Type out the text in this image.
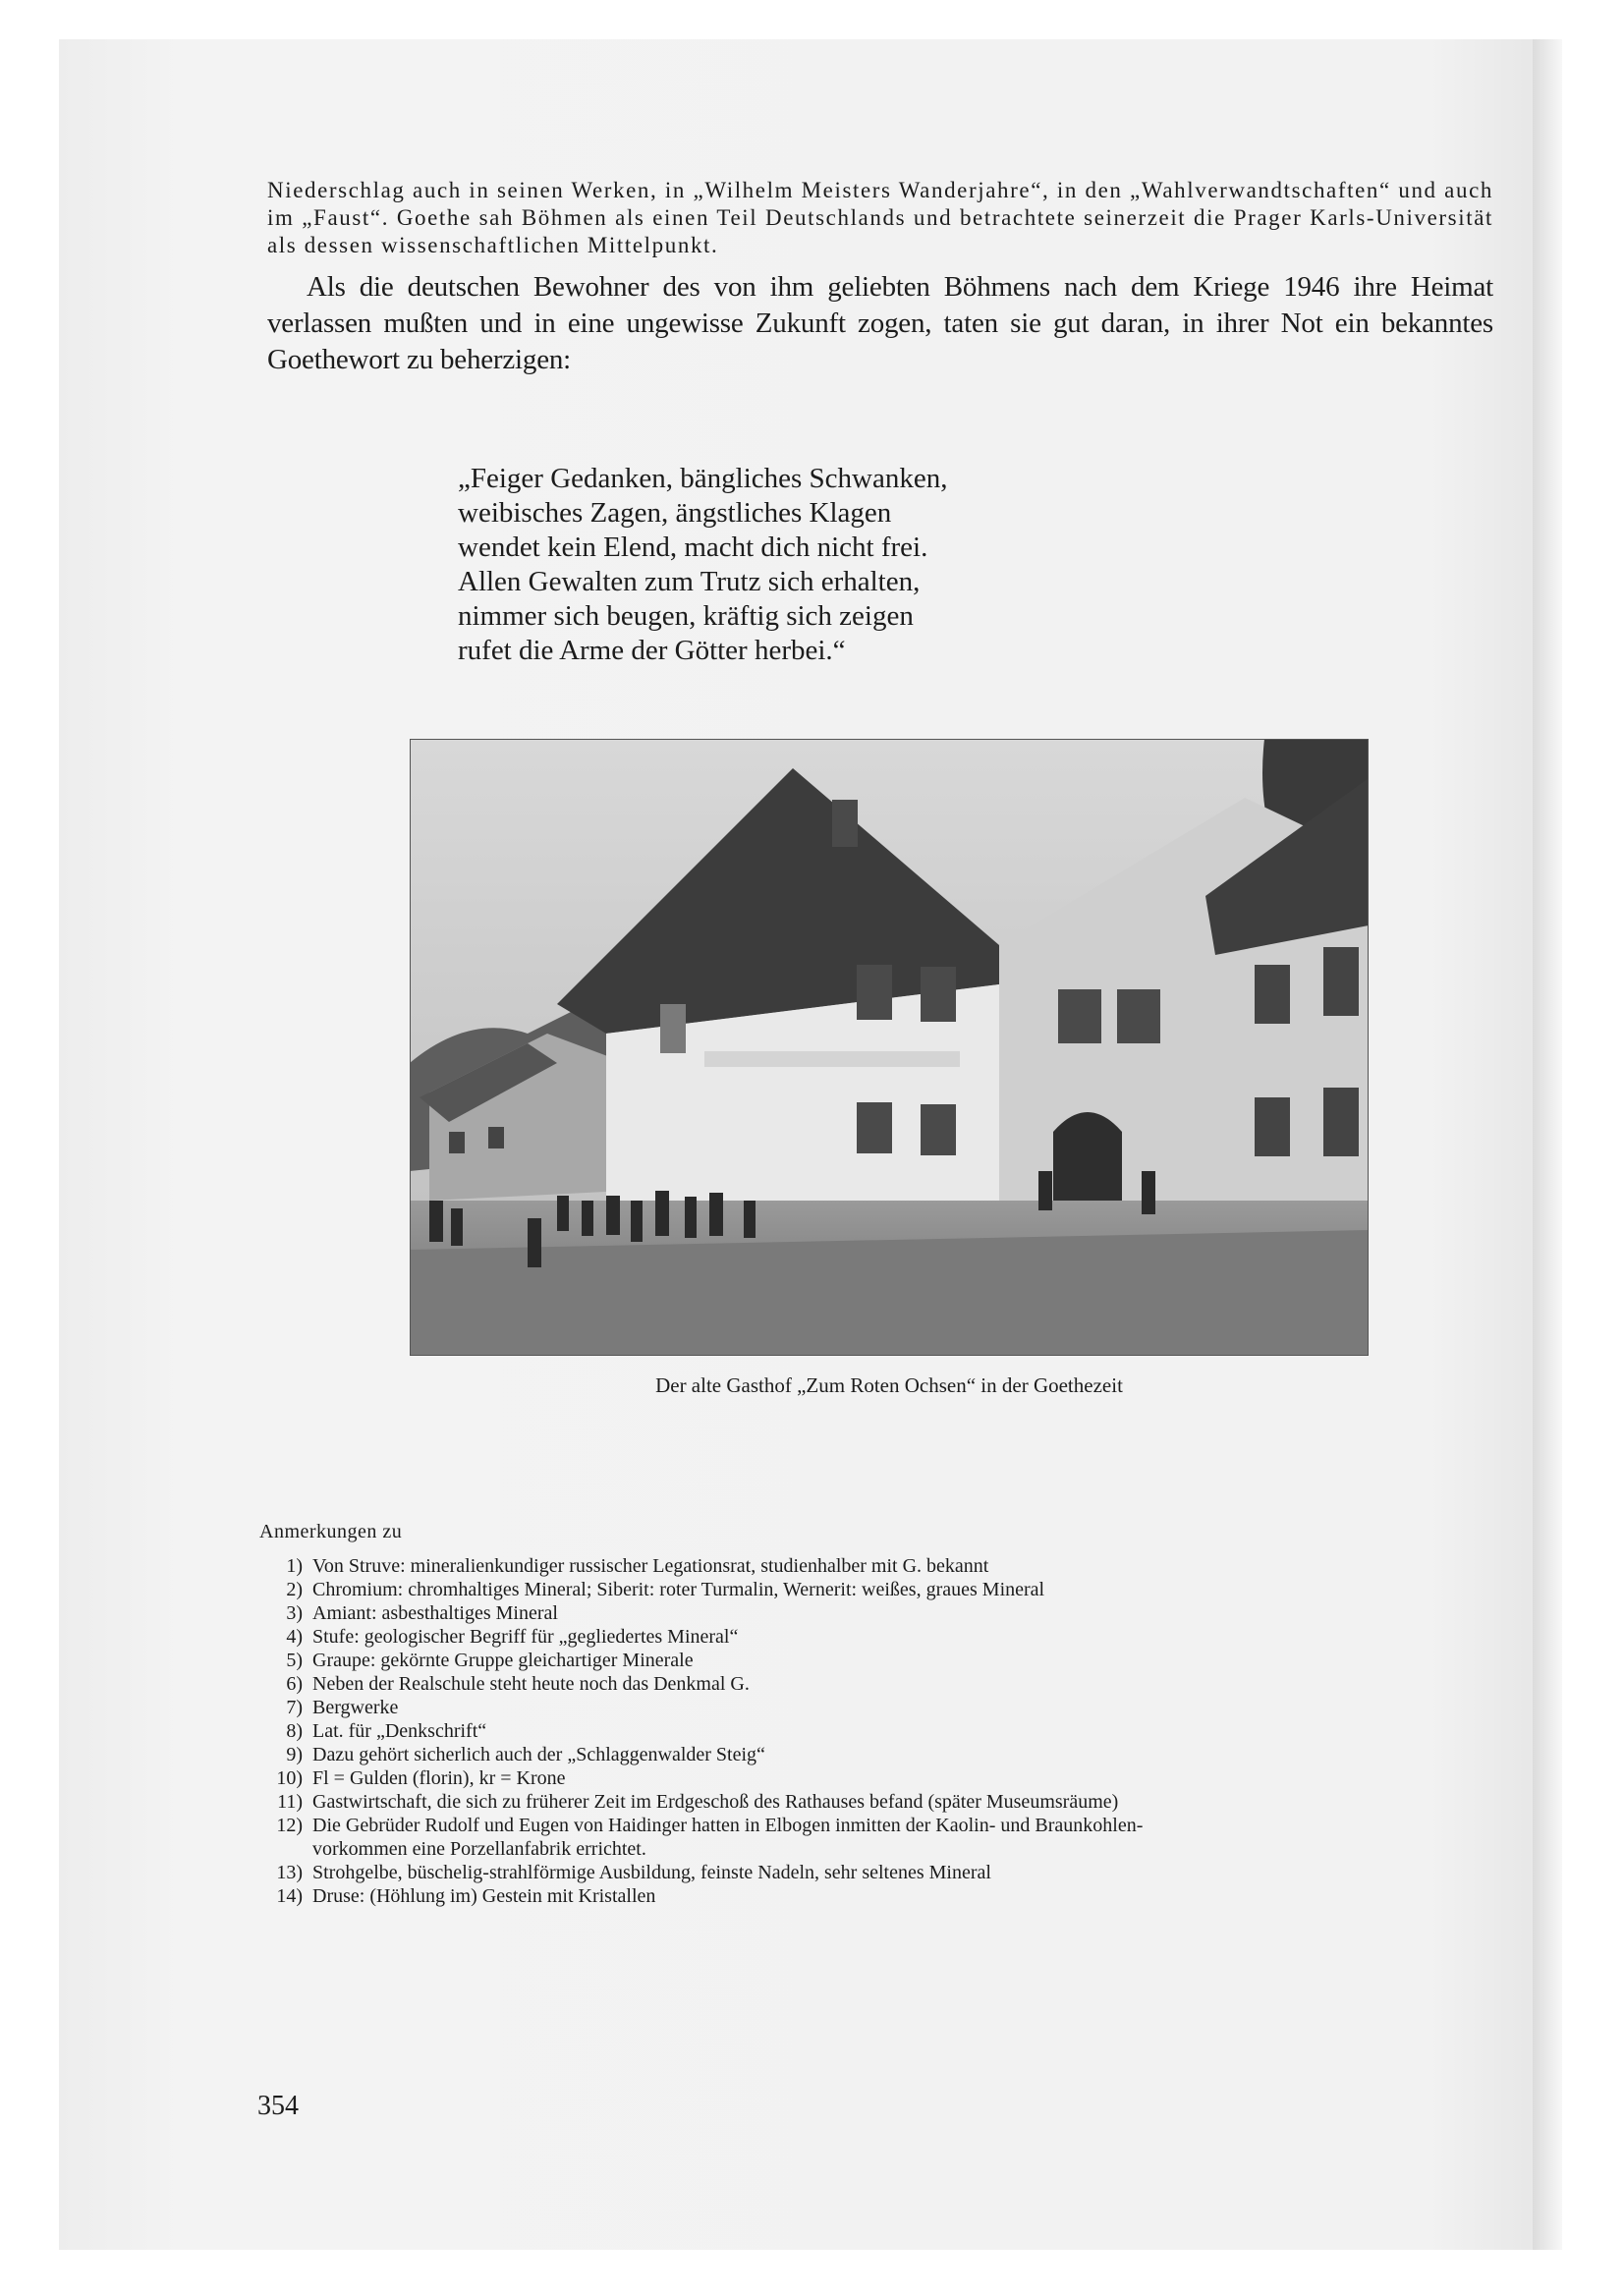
Niederschlag auch in seinen Werken, in „Wilhelm Meisters Wanderjahre“, in den „Wahlverwandtschaften“ und auch im „Faust“. Goethe sah Böhmen als einen Teil Deutschlands und betrachtete seinerzeit die Prager Karls-Universität als dessen wissenschaftlichen Mittelpunkt.

Als die deutschen Bewohner des von ihm geliebten Böhmens nach dem Kriege 1946 ihre Heimat verlassen mußten und in eine ungewisse Zukunft zogen, taten sie gut daran, in ihrer Not ein bekanntes Goethewort zu beherzigen:

„Feiger Gedanken, bängliches Schwanken,
weibisches Zagen, ängstliches Klagen
wendet kein Elend, macht dich nicht frei.
Allen Gewalten zum Trutz sich erhalten,
nimmer sich beugen, kräftig sich zeigen
rufet die Arme der Götter herbei.“
Der alte Gasthof „Zum Roten Ochsen“ in der Goethezeit
Anmerkungen zu
1) Von Struve: mineralienkundiger russischer Legationsrat, studienhalber mit G. bekannt
2) Chromium: chromhaltiges Mineral; Siberit: roter Turmalin, Wernerit: weißes, graues Mineral
3) Amiant: asbesthaltiges Mineral
4) Stufe: geologischer Begriff für „gegliedertes Mineral“
5) Graupe: gekörnte Gruppe gleichartiger Minerale
6) Neben der Realschule steht heute noch das Denkmal G.
7) Bergwerke
8) Lat. für „Denkschrift“
9) Dazu gehört sicherlich auch der „Schlaggenwalder Steig“
10) Fl = Gulden (florin), kr = Krone
11) Gastwirtschaft, die sich zu früherer Zeit im Erdgeschoß des Rathauses befand (später Museumsräume)
12) Die Gebrüder Rudolf und Eugen von Haidinger hatten in Elbogen inmitten der Kaolin- und Braunkohlen-
vorkommen eine Porzellanfabrik errichtet.
13) Strohgelbe, büschelig-strahlförmige Ausbildung, feinste Nadeln, sehr seltenes Mineral
14) Druse: (Höhlung im) Gestein mit Kristallen
354
